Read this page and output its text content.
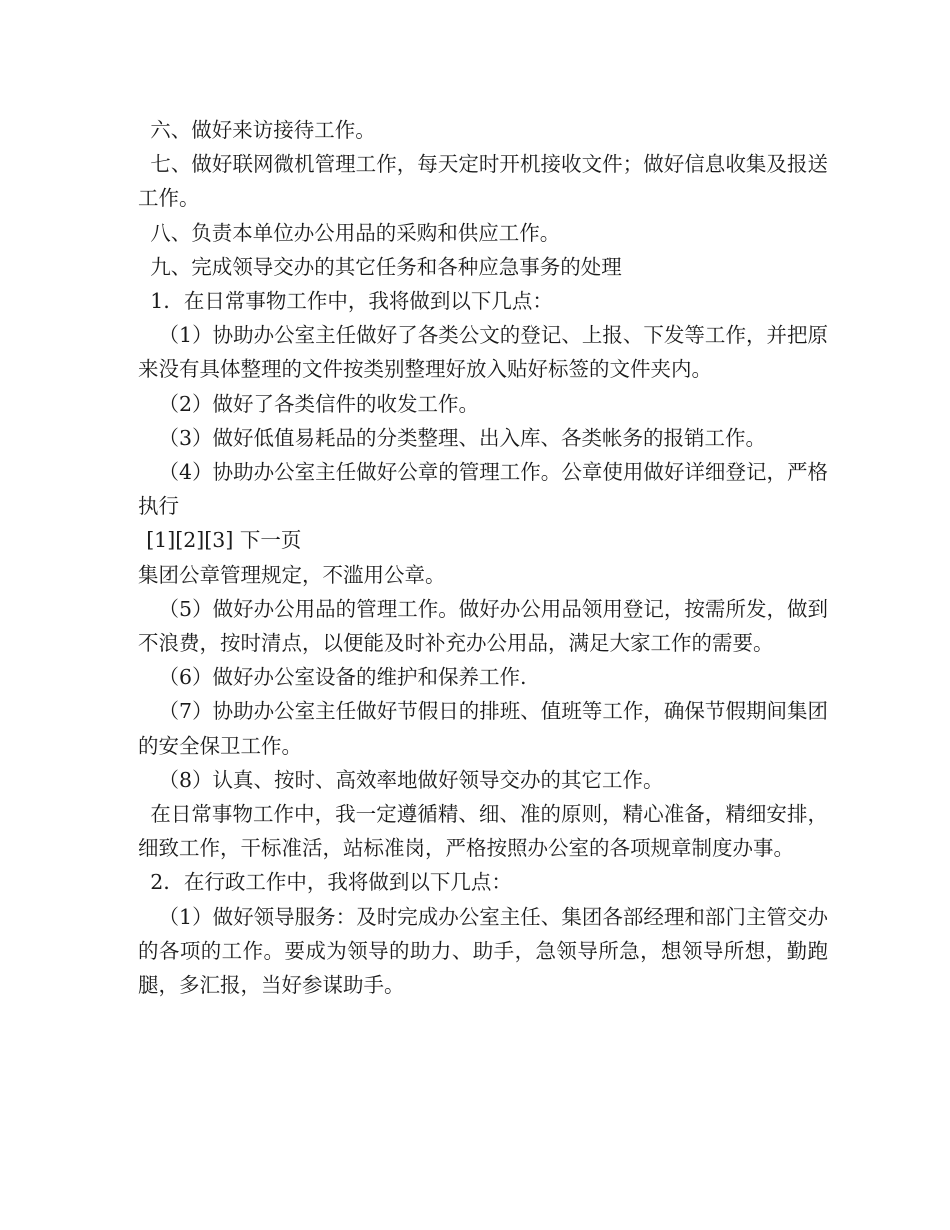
六、做好来访接待工作。

七、做好联网微机管理工作，每天定时开机接收文件；做好信息收集及报送工作。

八、负责本单位办公用品的采购和供应工作。

九、完成领导交办的其它任务和各种应急事务的处理

1．在日常事物工作中，我将做到以下几点：

（1）协助办公室主任做好了各类公文的登记、上报、下发等工作，并把原来没有具体整理的文件按类别整理好放入贴好标签的文件夹内。

（2）做好了各类信件的收发工作。

（3）做好低值易耗品的分类整理、出入库、各类帐务的报销工作。

（4）协助办公室主任做好公章的管理工作。公章使用做好详细登记，严格执行

[1][2][3] 下一页

集团公章管理规定，不滥用公章。

（5）做好办公用品的管理工作。做好办公用品领用登记，按需所发，做到不浪费，按时清点，以便能及时补充办公用品，满足大家工作的需要。

（6）做好办公室设备的维护和保养工作.

（7）协助办公室主任做好节假日的排班、值班等工作，确保节假期间集团的安全保卫工作。

（8）认真、按时、高效率地做好领导交办的其它工作。

在日常事物工作中，我一定遵循精、细、准的原则，精心准备，精细安排，细致工作，干标准活，站标准岗，严格按照办公室的各项规章制度办事。

2．在行政工作中，我将做到以下几点：

（1）做好领导服务：及时完成办公室主任、集团各部经理和部门主管交办的各项的工作。要成为领导的助力、助手，急领导所急，想领导所想，勤跑腿，多汇报，当好参谋助手。
